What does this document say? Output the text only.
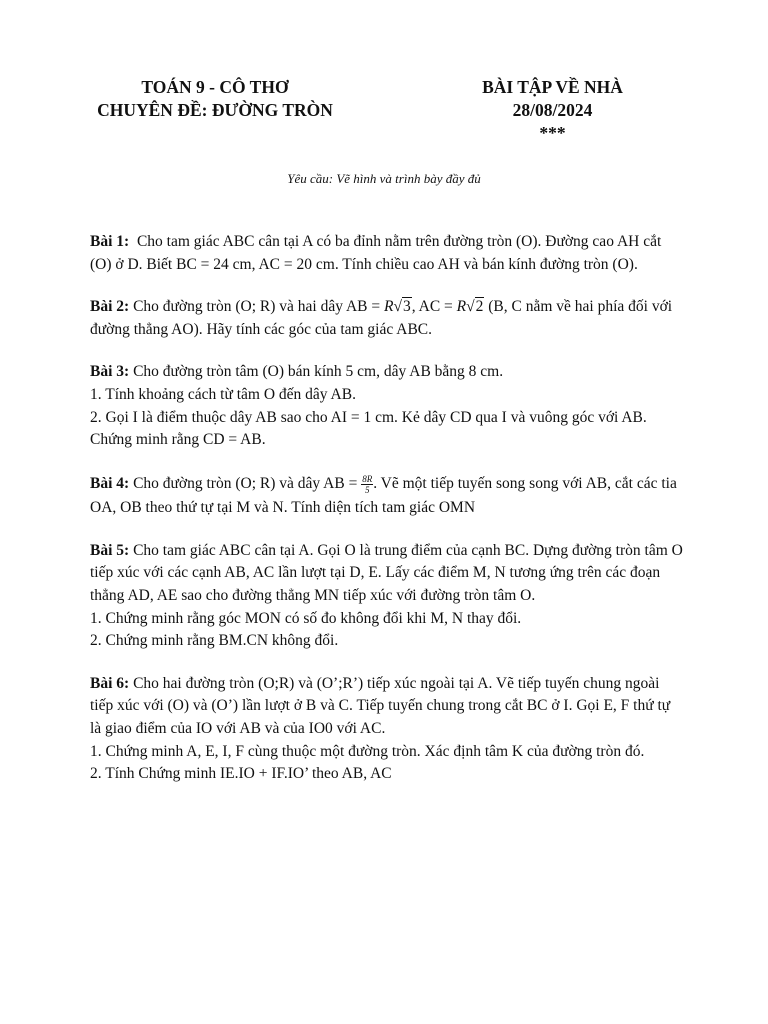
TOÁN 9 - CÔ THƠ
CHUYÊN ĐỀ: ĐƯỜNG TRÒN
BÀI TẬP VỀ NHÀ
28/08/2024
***
Yêu cầu: Vẽ hình và trình bày đầy đủ

Bài 1: Cho tam giác ABC cân tại A có ba đỉnh nằm trên đường tròn (O). Đường cao AH cắt (O) ở D. Biết BC = 24 cm, AC = 20 cm. Tính chiều cao AH và bán kính đường tròn (O).

Bài 2: Cho đường tròn (O; R) và hai dây AB = R√3, AC = R√2 (B, C nằm về hai phía đối với đường thẳng AO). Hãy tính các góc của tam giác ABC.

Bài 3: Cho đường tròn tâm (O) bán kính 5 cm, dây AB bằng 8 cm.

1. Tính khoảng cách từ tâm O đến dây AB.

2. Gọi I là điểm thuộc dây AB sao cho AI = 1 cm. Kẻ dây CD qua I và vuông góc với AB. Chứng minh rằng CD = AB.

Bài 4: Cho đường tròn (O; R) và dây AB = $\frac{8R}{5}$ . Vẽ một tiếp tuyến song song với AB, cắt các tia OA, OB theo thứ tự tại M và N. Tính diện tích tam giác OMN

Bài 5: Cho tam giác ABC cân tại A. Gọi O là trung điểm của cạnh BC. Dựng đường tròn tâm O tiếp xúc với các cạnh AB, AC lần lượt tại D, E. Lấy các điểm M, N tương ứng trên các đoạn thẳng AD, AE sao cho đường thẳng MN tiếp xúc với đường tròn tâm O.

1. Chứng minh rằng góc MON có số đo không đổi khi M, N thay đổi.

2. Chứng minh rằng BM.CN không đổi.

Bài 6: Cho hai đường tròn (O;R) và (O’;R’) tiếp xúc ngoài tại A. Vẽ tiếp tuyến chung ngoài tiếp xúc với (O) và (O’) lần lượt ở B và C. Tiếp tuyến chung trong cắt BC ở I. Gọi E, F thứ tự là giao điểm của IO với AB và của IO0 với AC.

1. Chứng minh A, E, I, F cùng thuộc một đường tròn. Xác định tâm K của đường tròn đó.

2. Tính Chứng minh IE.IO + IF.IO’ theo AB, AC
